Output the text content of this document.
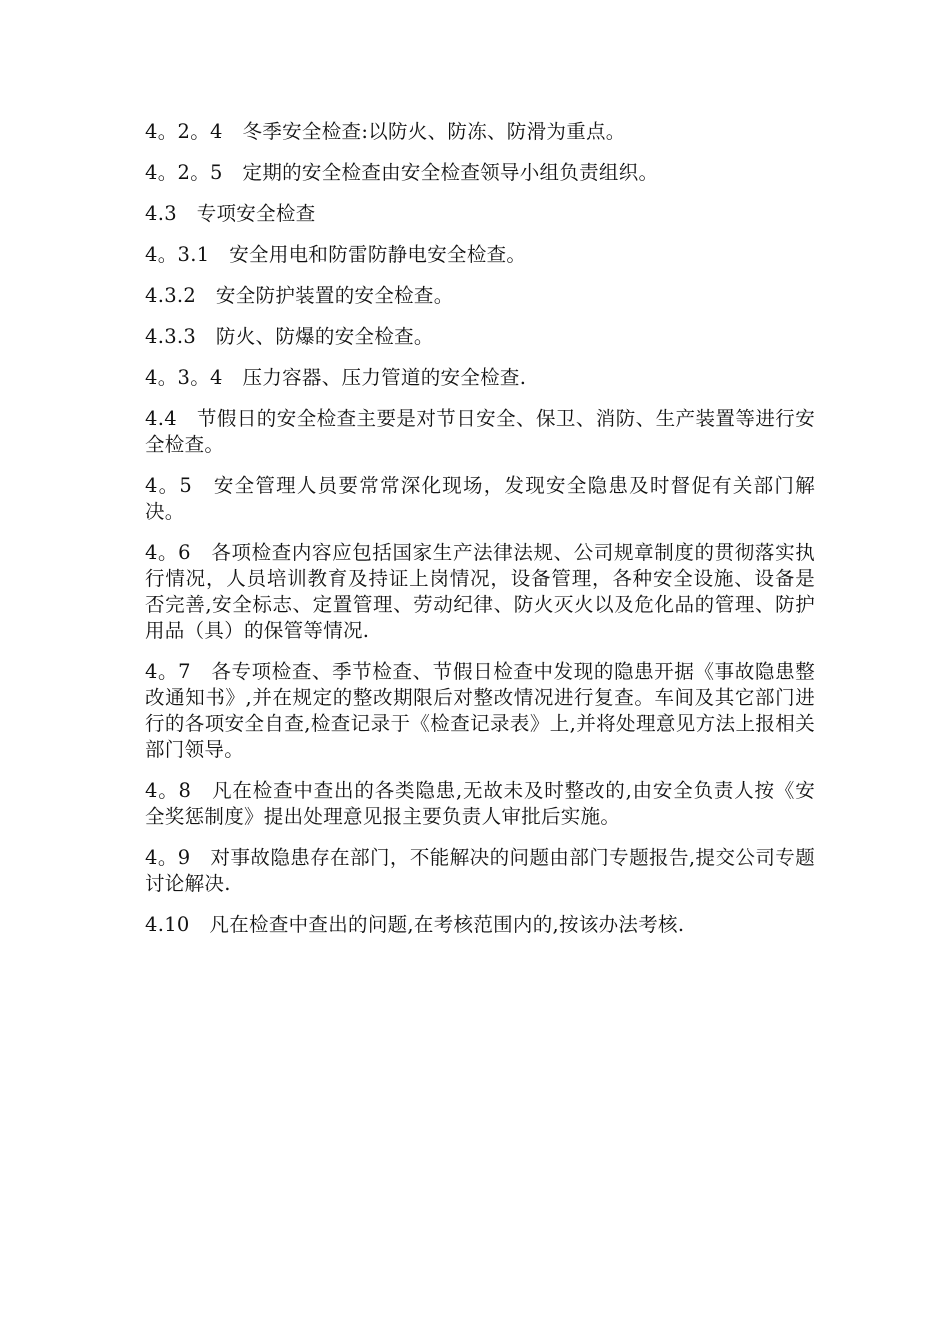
4。2。4　冬季安全检查:以防火、防冻、防滑为重点。

4。2。5　定期的安全检查由安全检查领导小组负责组织。

4.3　专项安全检查

4。3.1　安全用电和防雷防静电安全检查。

4.3.2　安全防护装置的安全检查。

4.3.3　防火、防爆的安全检查。

4。3。4　压力容器、压力管道的安全检查.

4.4　节假日的安全检查主要是对节日安全、保卫、消防、生产装置等进行安全检查。

4。5　安全管理人员要常常深化现场，发现安全隐患及时督促有关部门解决。

4。6　各项检查内容应包括国家生产法律法规、公司规章制度的贯彻落实执行情况，人员培训教育及持证上岗情况，设备管理，各种安全设施、设备是否完善,安全标志、定置管理、劳动纪律、防火灭火以及危化品的管理、防护用品（具）的保管等情况.

4。7　各专项检查、季节检查、节假日检查中发现的隐患开据《事故隐患整改通知书》,并在规定的整改期限后对整改情况进行复查。车间及其它部门进行的各项安全自查,检查记录于《检查记录表》上,并将处理意见方法上报相关部门领导。

4。8　凡在检查中查出的各类隐患,无故未及时整改的,由安全负责人按《安全奖惩制度》提出处理意见报主要负责人审批后实施。

4。9　对事故隐患存在部门，不能解决的问题由部门专题报告,提交公司专题讨论解决.

4.10　凡在检查中查出的问题,在考核范围内的,按该办法考核.
